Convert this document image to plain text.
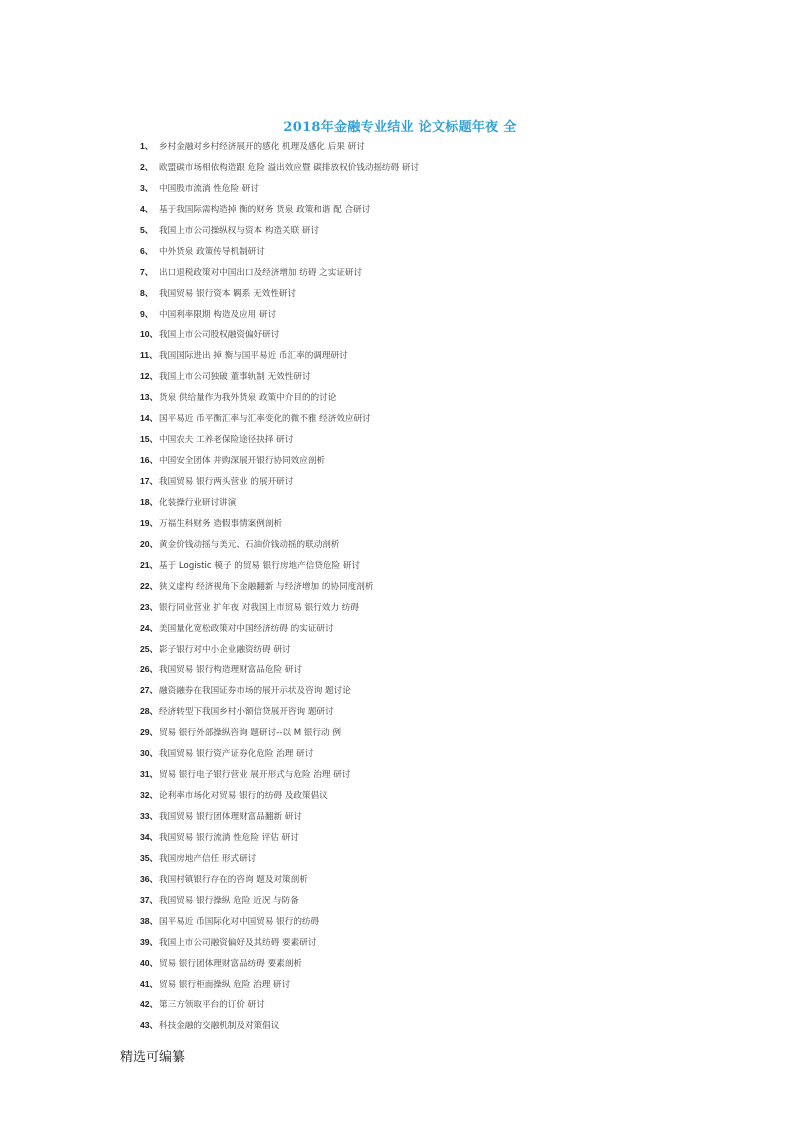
2018年金融专业结业 论文标题年夜 全
1、 乡村金融对乡村经济展开的感化 机理及感化 后果 研讨
2、 欧盟碳市场相依构造跟 危险 溢出效应暨 碳排放权价钱动摇纺碍 研讨
3、 中国股市流淌 性危险 研讨
4、 基于我国际需构造掉 衡的财务 货泉 政策和谐 配 合研讨
5、 我国上市公司操纵权与资本 构造关联 研讨
6、 中外货泉 政策传导机制研讨
7、 出口退税政策对中国出口及经济增加 纺碍 之实证研讨
8、 我国贸易 银行资本 羁系 无效性研讨
9、 中国利率限期 构造及应用 研讨
10、我国上市公司股权融资偏好研讨
11、我国国际进出 掉 衡与国平易近 币汇率的调理研讨
12、我国上市公司独破 董事轨制 无效性研讨
13、货泉 供给量作为我外货泉 政策中介目的的讨论
14、国平易近 币平衡汇率与汇率变化的微不雅 经济效应研讨
15、中国农夫 工养老保险途径抉择 研讨
16、中国安全团体 并购深展开银行协同效应剖析
17、我国贸易 银行两头营业 的展开研讨
18、化装操行业研讨讲演
19、万福生科财务 造假事情案例剖析
20、黄金价钱动摇与美元、石油价钱动摇的联动剖析
21、基于 Logistic 模子 的贸易 银行房地产信贷危险 研讨
22、狭义虚构 经济视角下金融翻新 与经济增加 的协同度剖析
23、银行同业营业 扩年夜 对我国上市贸易 银行效力 纺碍
24、美国量化宽松政策对中国经济纺碍 的实证研讨
25、影子银行对中小企业融资纺碍 研讨
26、我国贸易 银行构造理财富品危险 研讨
27、融资融券在我国证券市场的展开示状及咨询 题讨论
28、经济转型下我国乡村小额信贷展开咨询 题研讨
29、贸易 银行外部操纵咨询 题研讨--以 M 银行动 例
30、我国贸易 银行资产证券化危险 治理 研讨
31、贸易 银行电子银行营业 展开形式与危险 治理 研讨
32、论利率市场化对贸易 银行的纺碍 及政策倡议
33、我国贸易 银行团体理财富品翻新 研讨
34、我国贸易 银行流淌 性危险 评估 研讨
35、我国房地产信任 形式研讨
36、我国村镇银行存在的咨询 题及对策剖析
37、我国贸易 银行操纵 危险 近况 与防备
38、国平易近 币国际化对中国贸易 银行的纺碍
39、我国上市公司融资偏好及其纺碍 要素研讨
40、贸易 银行团体理财富品纺碍 要素剖析
41、贸易 银行柜面操纵 危险 治理 研讨
42、第三方领取平台的订价 研讨
43、科技金融的交融机制及对策倡议
精选可编纂
